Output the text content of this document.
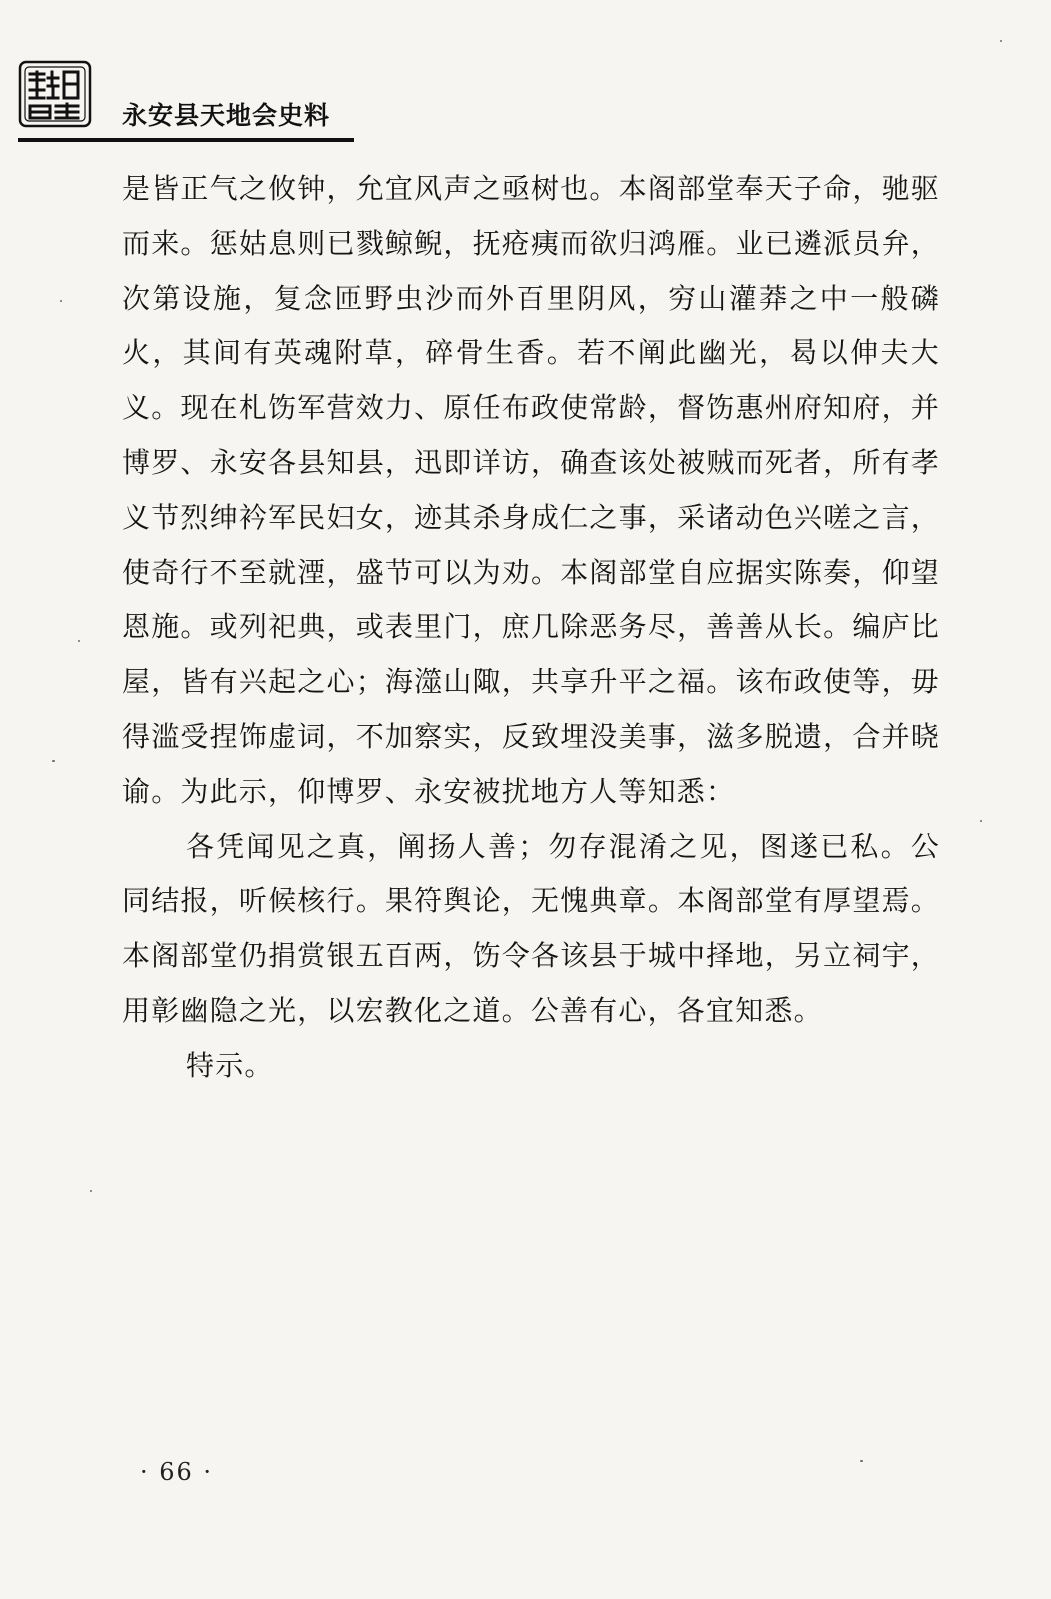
永安县天地会史料

是皆正气之攸钟，允宜风声之亟树也。本阁部堂奉天子命，驰驱而来。惩姑息则已戮鲸鲵，抚疮痍而欲归鸿雁。业已遴派员弁，次第设施，复念匝野虫沙而外百里阴风，穷山灌莽之中一般磷火，其间有英魂附草，碎骨生香。若不阐此幽光，曷以伸夫大义。现在札饬军营效力、原任布政使常龄，督饬惠州府知府，并博罗、永安各县知县，迅即详访，确查该处被贼而死者，所有孝义节烈绅衿军民妇女，迹其杀身成仁之事，采诸动色兴嗟之言，使奇行不至就湮，盛节可以为劝。本阁部堂自应据实陈奏，仰望恩施。或列祀典，或表里门，庶几除恶务尽，善善从长。编庐比屋，皆有兴起之心；海澨山陬，共享升平之福。该布政使等，毋得滥受捏饰虚词，不加察实，反致埋没美事，滋多脱遗，合并晓谕。为此示，仰博罗、永安被扰地方人等知悉：

各凭闻见之真，阐扬人善；勿存混淆之见，图遂已私。公同结报，听候核行。果符舆论，无愧典章。本阁部堂有厚望焉。本阁部堂仍捐赏银五百两，饬令各该县于城中择地，另立祠宇，用彰幽隐之光，以宏教化之道。公善有心，各宜知悉。

特示。

· 66 ·
